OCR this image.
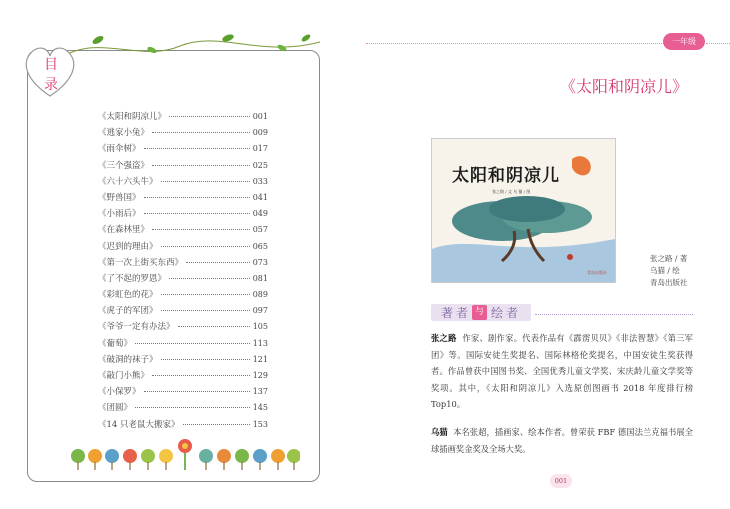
目
录
《太阳和阴凉儿》	001
《逃家小兔》	009
《雨伞树》	017
《三个强盗》	025
《六十六头牛》	033
《野兽国》	041
《小雨后》	049
《在森林里》	057
《迟到的理由》	065
《第一次上街买东西》	073
《了不起的罗恩》	081
《彩虹色的花》	089
《虎子的军团》	097
《爷爷一定有办法》	105
《葡萄》	113
《破洞的袜子》	121
《敲门小熊》	129
《小保罗》	137
《团圆》	145
《14 只老鼠大搬家》	153
一年级
《太阳和阴凉儿》
太阳和阴凉儿
张之路 / 文 乌 猫 / 图
青岛出版社
张之路 / 著
乌猫 / 绘
青岛出版社
著者 与 绘者
张之路 作家、剧作家。代表作品有《霹雳贝贝》《非法智慧》《第三军团》等。国际安徒生奖提名、国际林格伦奖提名，中国安徒生奖获得者。作品曾获中国图书奖、全国优秀儿童文学奖、宋庆龄儿童文学奖等奖项。其中，《太阳和阴凉儿》入选原创图画书 2018 年度排行榜 Top10。
乌猫 本名张超，插画家、绘本作者。曾荣获 FBF 德国法兰克福书展全球插画奖金奖及全场大奖。
001
